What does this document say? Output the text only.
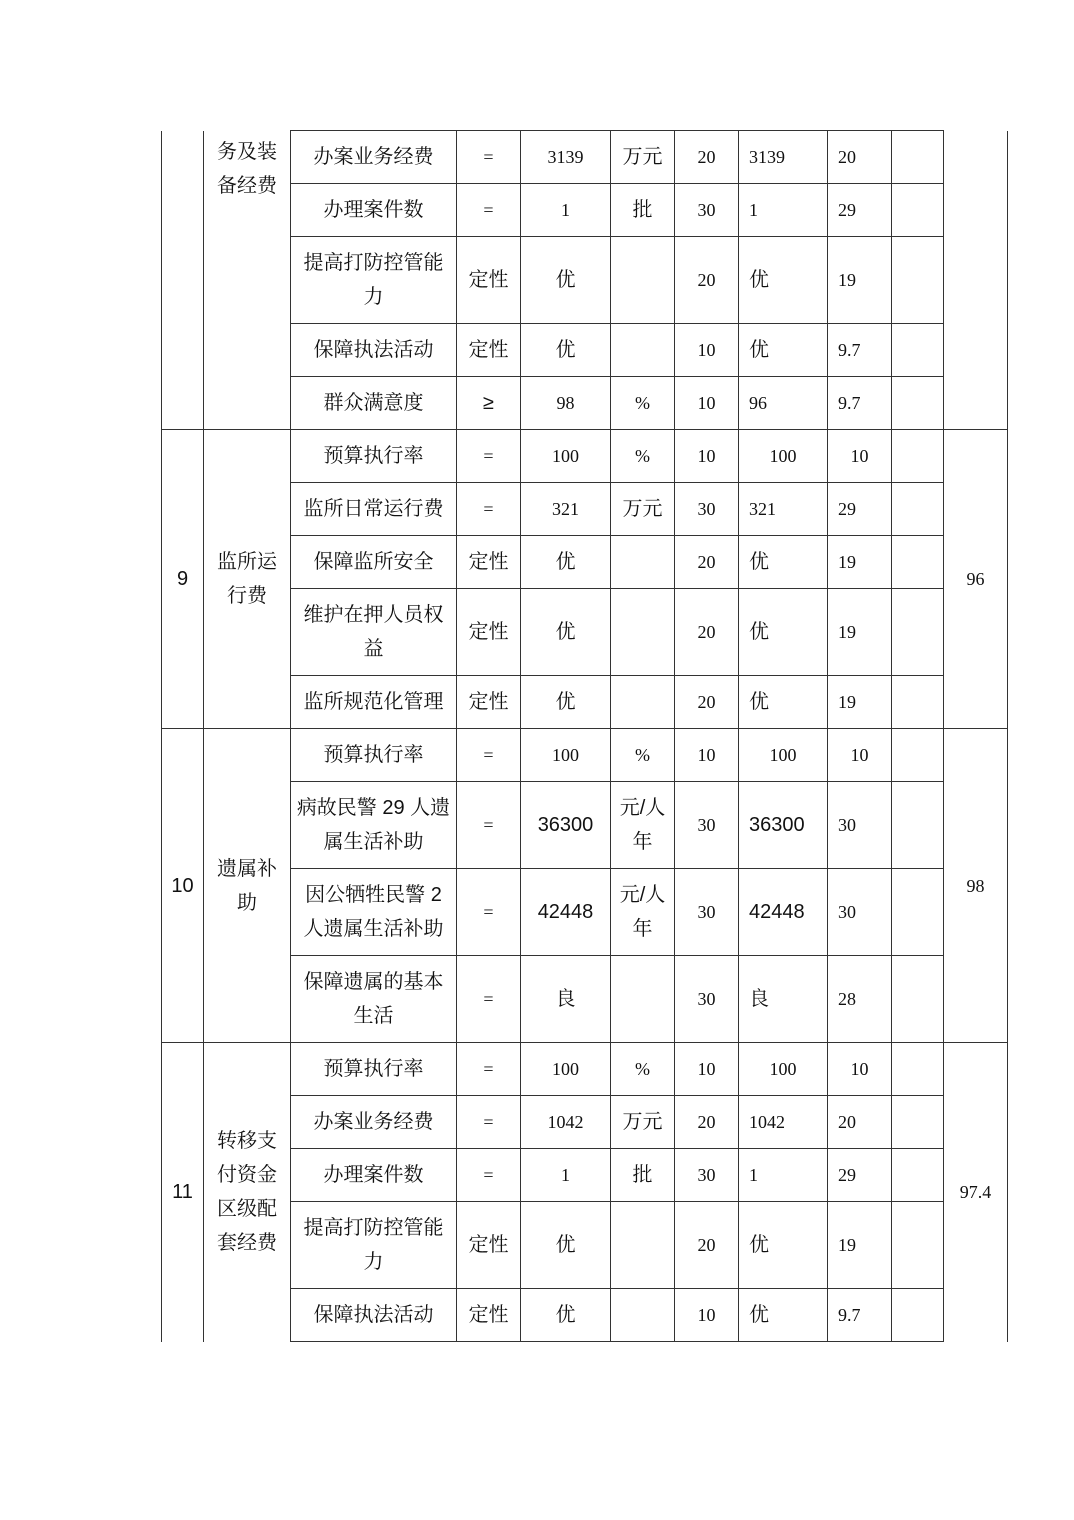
	务及装备经费	办案业务经费	=	3139	万元	20	3139	20		
		办理案件数	=	1	批	30	1	29		
		提高打防控管能力	定性	优		20	优	19		
		保障执法活动	定性	优		10	优	9.7		
		群众满意度	≥	98	%	10	96	9.7		
9	监所运行费	预算执行率	=	100	%	10	100	10		96
		监所日常运行费	=	321	万元	30	321	29		
		保障监所安全	定性	优		20	优	19		
		维护在押人员权益	定性	优		20	优	19		
		监所规范化管理	定性	优		20	优	19		
10	遗属补助	预算执行率	=	100	%	10	100	10		98
		病故民警 29 人遗属生活补助	=	36300	元/人年	30	36300	30		
		因公牺牲民警 2 人遗属生活补助	=	42448	元/人年	30	42448	30		
		保障遗属的基本生活	=	良		30	良	28		
11	转移支付资金区级配套经费	预算执行率	=	100	%	10	100	10		97.4
		办案业务经费	=	1042	万元	20	1042	20		
		办理案件数	=	1	批	30	1	29		
		提高打防控管能力	定性	优		20	优	19		
		保障执法活动	定性	优		10	优	9.7		
